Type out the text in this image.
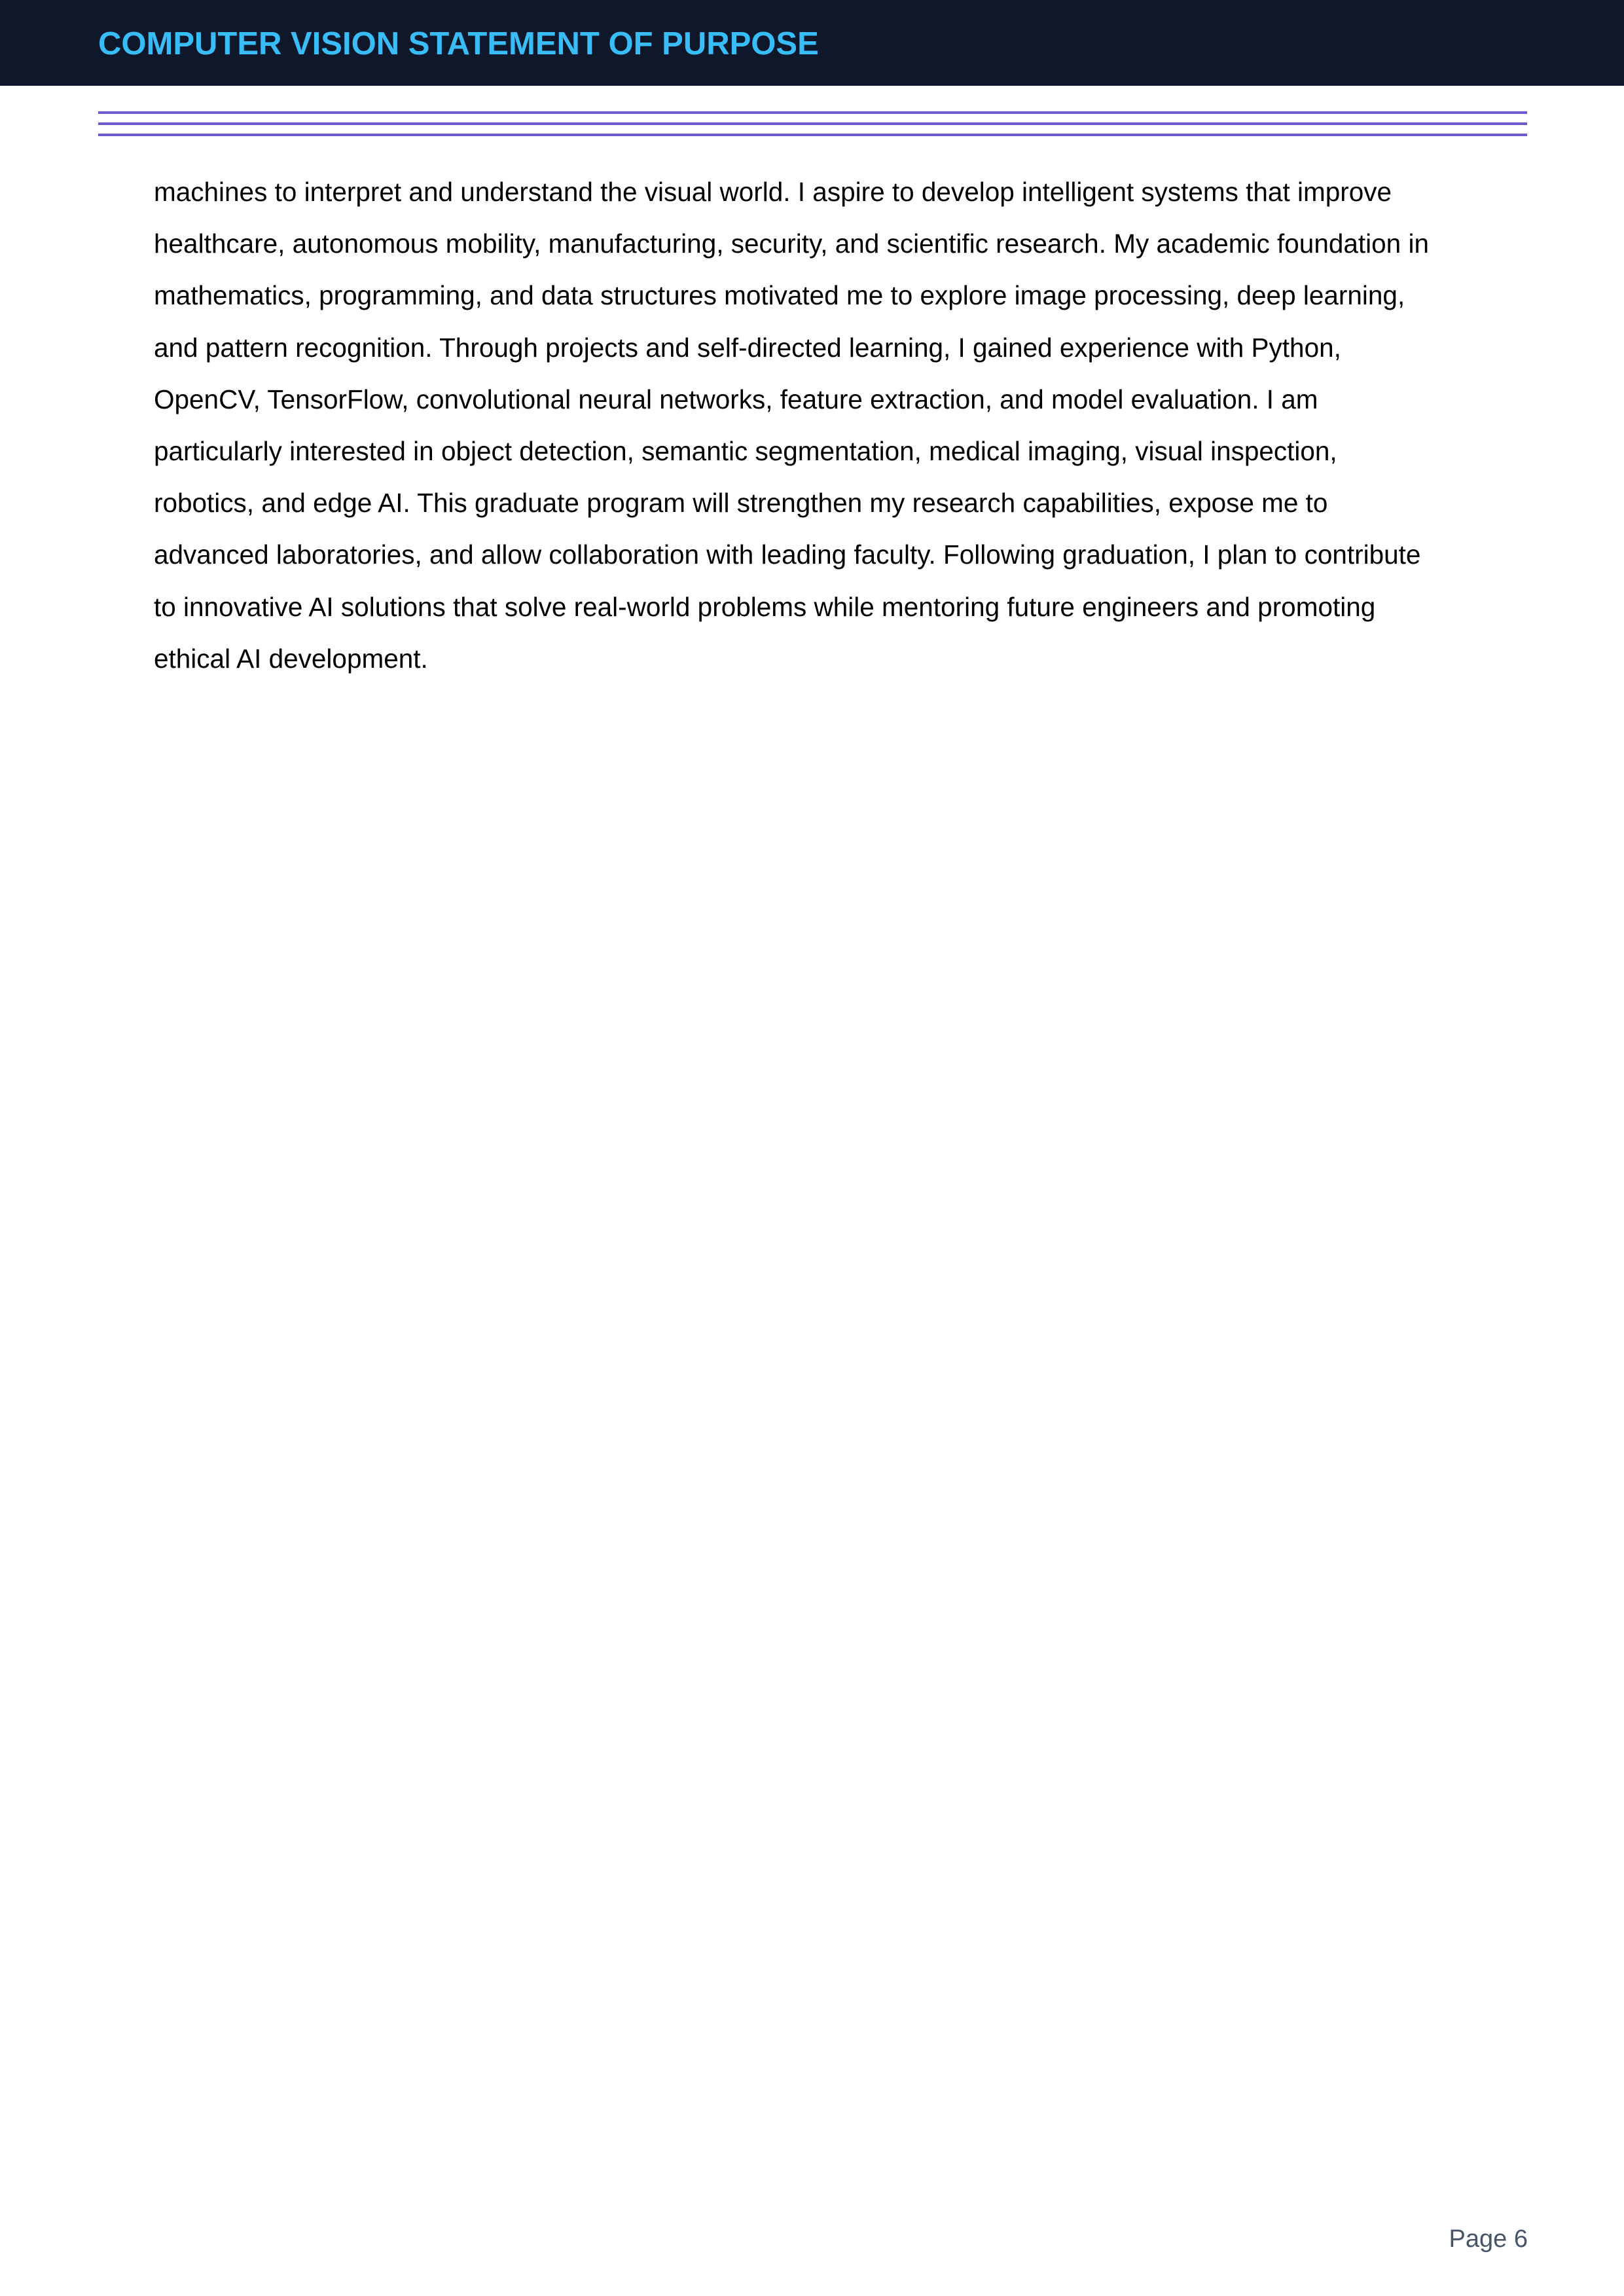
COMPUTER VISION STATEMENT OF PURPOSE

machines to interpret and understand the visual world. I aspire to develop intelligent systems that improve
healthcare, autonomous mobility, manufacturing, security, and scientific research. My academic foundation in
mathematics, programming, and data structures motivated me to explore image processing, deep learning,
and pattern recognition. Through projects and self-directed learning, I gained experience with Python,
OpenCV, TensorFlow, convolutional neural networks, feature extraction, and model evaluation. I am
particularly interested in object detection, semantic segmentation, medical imaging, visual inspection,
robotics, and edge AI. This graduate program will strengthen my research capabilities, expose me to
advanced laboratories, and allow collaboration with leading faculty. Following graduation, I plan to contribute
to innovative AI solutions that solve real-world problems while mentoring future engineers and promoting
ethical AI development.

Page 6
